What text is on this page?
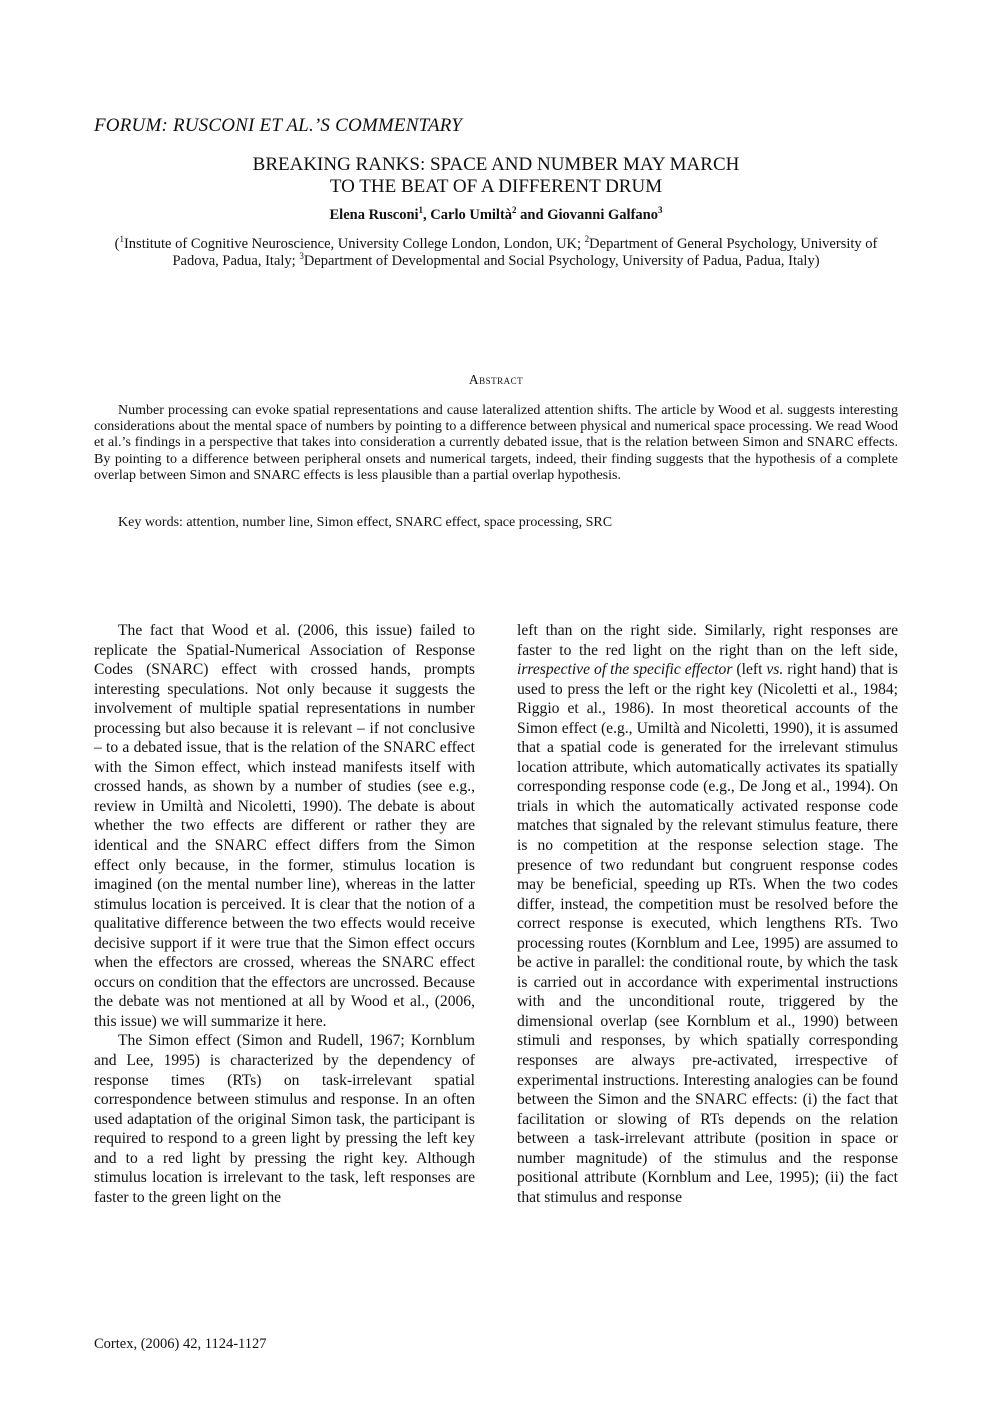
FORUM: RUSCONI ET AL.’S COMMENTARY
BREAKING RANKS: SPACE AND NUMBER MAY MARCH
TO THE BEAT OF A DIFFERENT DRUM
Elena Rusconi$^1$, Carlo Umiltà$^2$ and Giovanni Galfano$^3$
($^1$Institute of Cognitive Neuroscience, University College London, London, UK; $^2$Department of General Psychology, University of Padova, Padua, Italy; $^3$Department of Developmental and Social Psychology, University of Padua, Padua, Italy)
Abstract

Number processing can evoke spatial representations and cause lateralized attention shifts. The article by Wood et al. suggests interesting considerations about the mental space of numbers by pointing to a difference between physical and numerical space processing. We read Wood et al.’s findings in a perspective that takes into consideration a currently debated issue, that is the relation between Simon and SNARC effects. By pointing to a difference between peripheral onsets and numerical targets, indeed, their finding suggests that the hypothesis of a complete overlap between Simon and SNARC effects is less plausible than a partial overlap hypothesis.

Key words: attention, number line, Simon effect, SNARC effect, space processing, SRC

The fact that Wood et al. (2006, this issue) failed to replicate the Spatial-Numerical Association of Response Codes (SNARC) effect with crossed hands, prompts interesting speculations. Not only because it suggests the involvement of multiple spatial representations in number processing but also because it is relevant – if not conclusive – to a debated issue, that is the relation of the SNARC effect with the Simon effect, which instead manifests itself with crossed hands, as shown by a number of studies (see e.g., review in Umiltà and Nicoletti, 1990). The debate is about whether the two effects are different or rather they are identical and the SNARC effect differs from the Simon effect only because, in the former, stimulus location is imagined (on the mental number line), whereas in the latter stimulus location is perceived. It is clear that the notion of a qualitative difference between the two effects would receive decisive support if it were true that the Simon effect occurs when the effectors are crossed, whereas the SNARC effect occurs on condition that the effectors are uncrossed. Because the debate was not mentioned at all by Wood et al., (2006, this issue) we will summarize it here.

The Simon effect (Simon and Rudell, 1967; Kornblum and Lee, 1995) is characterized by the dependency of response times (RTs) on task-irrelevant spatial correspondence between stimulus and response. In an often used adaptation of the original Simon task, the participant is required to respond to a green light by pressing the left key and to a red light by pressing the right key. Although stimulus location is irrelevant to the task, left responses are faster to the green light on the

left than on the right side. Similarly, right responses are faster to the red light on the right than on the left side, irrespective of the specific effector (left vs. right hand) that is used to press the left or the right key (Nicoletti et al., 1984; Riggio et al., 1986). In most theoretical accounts of the Simon effect (e.g., Umiltà and Nicoletti, 1990), it is assumed that a spatial code is generated for the irrelevant stimulus location attribute, which automatically activates its spatially corresponding response code (e.g., De Jong et al., 1994). On trials in which the automatically activated response code matches that signaled by the relevant stimulus feature, there is no competition at the response selection stage. The presence of two redundant but congruent response codes may be beneficial, speeding up RTs. When the two codes differ, instead, the competition must be resolved before the correct response is executed, which lengthens RTs. Two processing routes (Kornblum and Lee, 1995) are assumed to be active in parallel: the conditional route, by which the task is carried out in accordance with experimental instructions with and the unconditional route, triggered by the dimensional overlap (see Kornblum et al., 1990) between stimuli and responses, by which spatially corresponding responses are always pre-activated, irrespective of experimental instructions. Interesting analogies can be found between the Simon and the SNARC effects: (i) the fact that facilitation or slowing of RTs depends on the relation between a task-irrelevant attribute (position in space or number magnitude) of the stimulus and the response positional attribute (Kornblum and Lee, 1995); (ii) the fact that stimulus and response

Cortex, (2006) 42, 1124-1127
